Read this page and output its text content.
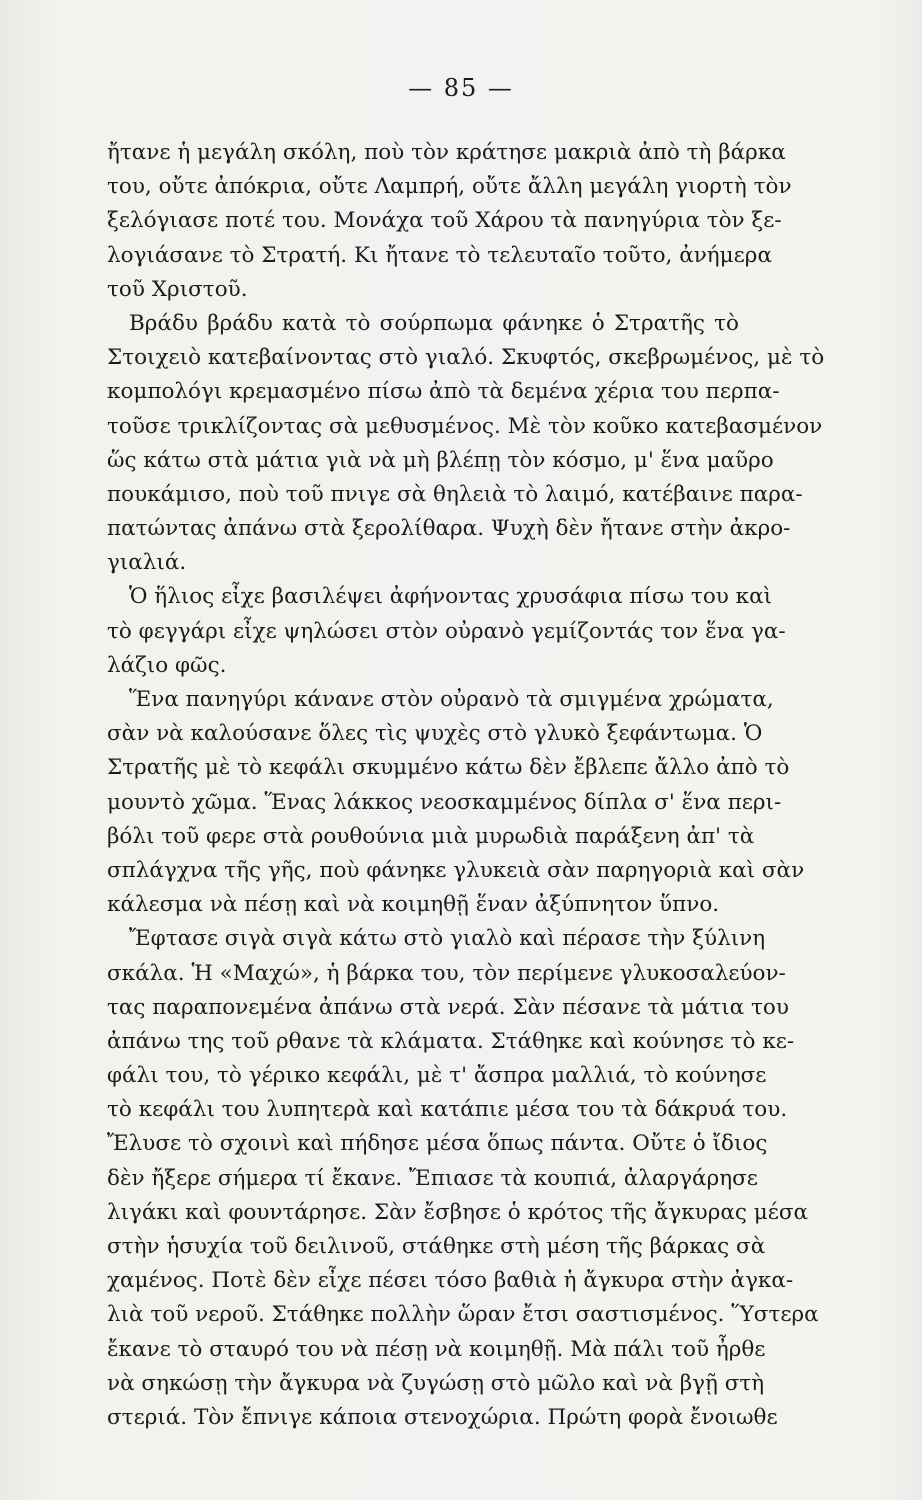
— 85 —
ἤτανε ἡ μεγάλη σκόλη, ποὺ τὸν κράτησε μακριὰ ἀπὸ τὴ βάρκα
του, οὔτε ἀπόκρια, οὔτε Λαμπρή, οὔτε ἄλλη μεγάλη γιορτὴ τὸν
ξελόγιασε ποτέ του. Μονάχα τοῦ Χάρου τὰ πανηγύρια τὸν ξε-
λογιάσανε τὸ Στρατή. Κι ἤτανε τὸ τελευταῖο τοῦτο, ἀνήμερα
τοῦ Χριστοῦ.
Βράδυ βράδυ κατὰ τὸ σούρπωμα φάνηκε ὁ Στρατῆς τὸ
Στοιχειὸ κατεβαίνοντας στὸ γιαλό. Σκυφτός, σκεβρωμένος, μὲ τὸ
κομπολόγι κρεμασμένο πίσω ἀπὸ τὰ δεμένα χέρια του περπα-
τοῦσε τρικλίζοντας σὰ μεθυσμένος. Μὲ τὸν κοῦκο κατεβασμένον
ὥς κάτω στὰ μάτια γιὰ νὰ μὴ βλέπῃ τὸν κόσμο, μ' ἕνα μαῦρο
πουκάμισο, ποὺ τοῦ πνιγε σὰ θηλειὰ τὸ λαιμό, κατέβαινε παρα-
πατώντας ἀπάνω στὰ ξερολίθαρα. Ψυχὴ δὲν ἤτανε στὴν ἀκρο-
γιαλιά.
Ὁ ἥλιος εἶχε βασιλέψει ἀφήνοντας χρυσάφια πίσω του καὶ
τὸ φεγγάρι εἶχε ψηλώσει στὸν οὐρανὸ γεμίζοντάς τον ἕνα γα-
λάζιο φῶς.
Ἕνα πανηγύρι κάνανε στὸν οὐρανὸ τὰ σμιγμένα χρώματα,
σὰν νὰ καλούσανε ὅλες τὶς ψυχὲς στὸ γλυκὸ ξεφάντωμα. Ὁ
Στρατῆς μὲ τὸ κεφάλι σκυμμένο κάτω δὲν ἔβλεπε ἄλλο ἀπὸ τὸ
μουντὸ χῶμα. Ἕνας λάκκος νεοσκαμμένος δίπλα σ' ἕνα περι-
βόλι τοῦ φερε στὰ ρουθούνια μιὰ μυρωδιὰ παράξενη ἀπ' τὰ
σπλάγχνα τῆς γῆς, ποὺ φάνηκε γλυκειὰ σὰν παρηγοριὰ καὶ σὰν
κάλεσμα νὰ πέσῃ καὶ νὰ κοιμηθῇ ἕναν ἀξύπνητον ὕπνο.
Ἔφτασε σιγὰ σιγὰ κάτω στὸ γιαλὸ καὶ πέρασε τὴν ξύλινη
σκάλα. Ἡ «Μαχώ», ἡ βάρκα του, τὸν περίμενε γλυκοσαλεύον-
τας παραπονεμένα ἀπάνω στὰ νερά. Σὰν πέσανε τὰ μάτια του
ἀπάνω της τοῦ ρθανε τὰ κλάματα. Στάθηκε καὶ κούνησε τὸ κε-
φάλι του, τὸ γέρικο κεφάλι, μὲ τ' ἄσπρα μαλλιά, τὸ κούνησε
τὸ κεφάλι του λυπητερὰ καὶ κατάπιε μέσα του τὰ δάκρυά του.
Ἔλυσε τὸ σχοινὶ καὶ πήδησε μέσα ὅπως πάντα. Οὔτε ὁ ἴδιος
δὲν ἤξερε σήμερα τί ἔκανε. Ἔπιασε τὰ κουπιά, ἀλαργάρησε
λιγάκι καὶ φουντάρησε. Σὰν ἔσβησε ὁ κρότος τῆς ἄγκυρας μέσα
στὴν ἡσυχία τοῦ δειλινοῦ, στάθηκε στὴ μέση τῆς βάρκας σὰ
χαμένος. Ποτὲ δὲν εἶχε πέσει τόσο βαθιὰ ἡ ἄγκυρα στὴν ἀγκα-
λιὰ τοῦ νεροῦ. Στάθηκε πολλὴν ὥραν ἔτσι σαστισμένος. Ὕστερα
ἔκανε τὸ σταυρό του νὰ πέσῃ νὰ κοιμηθῇ. Μὰ πάλι τοῦ ἦρθε
νὰ σηκώσῃ τὴν ἄγκυρα νὰ ζυγώσῃ στὸ μῶλο καὶ νὰ βγῇ στὴ
στεριά. Τὸν ἔπνιγε κάποια στενοχώρια. Πρώτη φορὰ ἔνοιωθε
